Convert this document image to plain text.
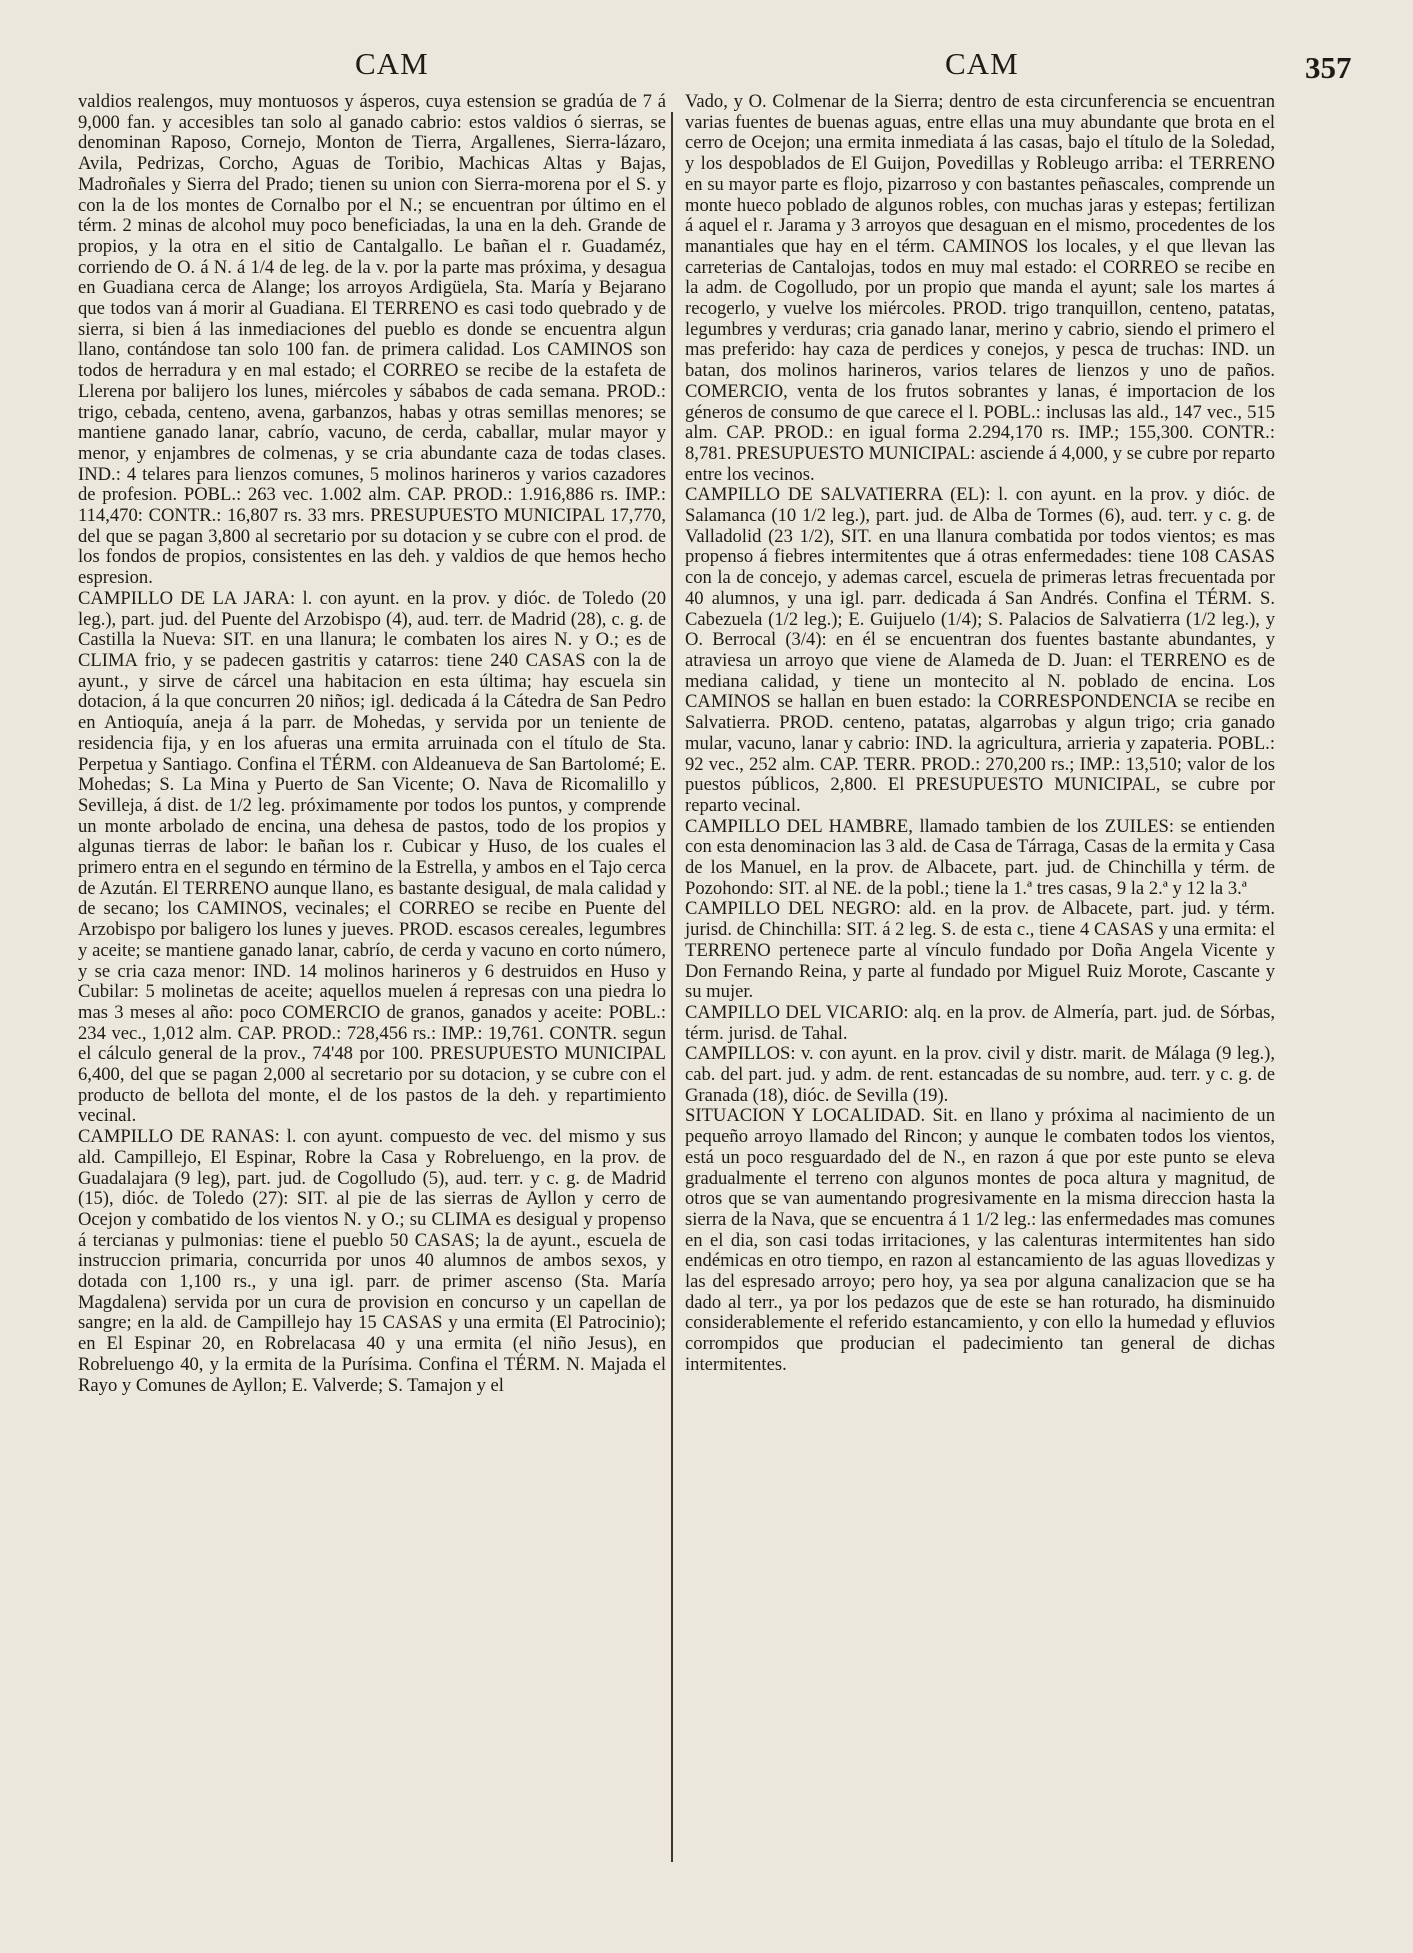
CAM	CAM	357

valdios realengos, muy montuosos y ásperos, cuya estension se gradúa de 7 á 9,000 fan. y accesibles tan solo al ganado cabrio: estos valdios ó sierras, se denominan Raposo, Cornejo, Monton de Tierra, Argallenes, Sierra-lázaro, Avila, Pedrizas, Corcho, Aguas de Toribio, Machicas Altas y Bajas, Madroñales y Sierra del Prado; tienen su union con Sierra-morena por el S. y con la de los montes de Cornalbo por el N.; se encuentran por último en el térm. 2 minas de alcohol muy poco beneficiadas, la una en la deh. Grande de propios, y la otra en el sitio de Cantalgallo. Le bañan el r. Guadaméz, corriendo de O. á N. á 1/4 de leg. de la v. por la parte mas próxima, y desagua en Guadiana cerca de Alange; los arroyos Ardigüela, Sta. María y Bejarano que todos van á morir al Guadiana. El TERRENO es casi todo quebrado y de sierra, si bien á las inmediaciones del pueblo es donde se encuentra algun llano, contándose tan solo 100 fan. de primera calidad. Los CAMINOS son todos de herradura y en mal estado; el CORREO se recibe de la estafeta de Llerena por balijero los lunes, miércoles y sábabos de cada semana. PROD.: trigo, cebada, centeno, avena, garbanzos, habas y otras semillas menores; se mantiene ganado lanar, cabrío, vacuno, de cerda, caballar, mular mayor y menor, y enjambres de colmenas, y se cria abundante caza de todas clases. IND.: 4 telares para lienzos comunes, 5 molinos harineros y varios cazadores de profesion. POBL.: 263 vec. 1.002 alm. CAP. PROD.: 1.916,886 rs. IMP.: 114,470: CONTR.: 16,807 rs. 33 mrs. PRESUPUESTO MUNICIPAL 17,770, del que se pagan 3,800 al secretario por su dotacion y se cubre con el prod. de los fondos de propios, consistentes en las deh. y valdios de que hemos hecho espresion.

CAMPILLO DE LA JARA: l. con ayunt. en la prov. y dióc. de Toledo (20 leg.), part. jud. del Puente del Arzobispo (4), aud. terr. de Madrid (28), c. g. de Castilla la Nueva: SIT. en una llanura; le combaten los aires N. y O.; es de CLIMA frio, y se padecen gastritis y catarros: tiene 240 CASAS con la de ayunt., y sirve de cárcel una habitacion en esta última; hay escuela sin dotacion, á la que concurren 20 niños; igl. dedicada á la Cátedra de San Pedro en Antioquía, aneja á la parr. de Mohedas, y servida por un teniente de residencia fija, y en los afueras una ermita arruinada con el título de Sta. Perpetua y Santiago. Confina el TÉRM. con Aldeanueva de San Bartolomé; E. Mohedas; S. La Mina y Puerto de San Vicente; O. Nava de Ricomalillo y Sevilleja, á dist. de 1/2 leg. próximamente por todos los puntos, y comprende un monte arbolado de encina, una dehesa de pastos, todo de los propios y algunas tierras de labor: le bañan los r. Cubicar y Huso, de los cuales el primero entra en el segundo en término de la Estrella, y ambos en el Tajo cerca de Azután. El TERRENO aunque llano, es bastante desigual, de mala calidad y de secano; los CAMINOS, vecinales; el CORREO se recibe en Puente del Arzobispo por baligero los lunes y jueves. PROD. escasos cereales, legumbres y aceite; se mantiene ganado lanar, cabrío, de cerda y vacuno en corto número, y se cria caza menor: IND. 14 molinos harineros y 6 destruidos en Huso y Cubilar: 5 molinetas de aceite; aquellos muelen á represas con una piedra lo mas 3 meses al año: poco COMERCIO de granos, ganados y aceite: POBL.: 234 vec., 1,012 alm. CAP. PROD.: 728,456 rs.: IMP.: 19,761. CONTR. segun el cálculo general de la prov., 74'48 por 100. PRESUPUESTO MUNICIPAL 6,400, del que se pagan 2,000 al secretario por su dotacion, y se cubre con el producto de bellota del monte, el de los pastos de la deh. y repartimiento vecinal.

CAMPILLO DE RANAS: l. con ayunt. compuesto de vec. del mismo y sus ald. Campillejo, El Espinar, Robre la Casa y Robreluengo, en la prov. de Guadalajara (9 leg), part. jud. de Cogolludo (5), aud. terr. y c. g. de Madrid (15), dióc. de Toledo (27): SIT. al pie de las sierras de Ayllon y cerro de Ocejon y combatido de los vientos N. y O.; su CLIMA es desigual y propenso á tercianas y pulmonias: tiene el pueblo 50 CASAS; la de ayunt., escuela de instruccion primaria, concurrida por unos 40 alumnos de ambos sexos, y dotada con 1,100 rs., y una igl. parr. de primer ascenso (Sta. María Magdalena) servida por un cura de provision en concurso y un capellan de sangre; en la ald. de Campillejo hay 15 CASAS y una ermita (El Patrocinio); en El Espinar 20, en Robrelacasa 40 y una ermita (el niño Jesus), en Robreluengo 40, y la ermita de la Purísima. Confina el TÉRM. N. Majada el Rayo y Comunes de Ayllon; E. Valverde; S. Tamajon y el

Vado, y O. Colmenar de la Sierra; dentro de esta circunferencia se encuentran varias fuentes de buenas aguas, entre ellas una muy abundante que brota en el cerro de Ocejon; una ermita inmediata á las casas, bajo el título de la Soledad, y los despoblados de El Guijon, Povedillas y Robleugo arriba: el TERRENO en su mayor parte es flojo, pizarroso y con bastantes peñascales, comprende un monte hueco poblado de algunos robles, con muchas jaras y estepas; fertilizan á aquel el r. Jarama y 3 arroyos que desaguan en el mismo, procedentes de los manantiales que hay en el térm. CAMINOS los locales, y el que llevan las carreterias de Cantalojas, todos en muy mal estado: el CORREO se recibe en la adm. de Cogolludo, por un propio que manda el ayunt; sale los martes á recogerlo, y vuelve los miércoles. PROD. trigo tranquillon, centeno, patatas, legumbres y verduras; cria ganado lanar, merino y cabrio, siendo el primero el mas preferido: hay caza de perdices y conejos, y pesca de truchas: IND. un batan, dos molinos harineros, varios telares de lienzos y uno de paños. COMERCIO, venta de los frutos sobrantes y lanas, é importacion de los géneros de consumo de que carece el l. POBL.: inclusas las ald., 147 vec., 515 alm. CAP. PROD.: en igual forma 2.294,170 rs. IMP.; 155,300. CONTR.: 8,781. PRESUPUESTO MUNICIPAL: asciende á 4,000, y se cubre por reparto entre los vecinos.

CAMPILLO DE SALVATIERRA (EL): l. con ayunt. en la prov. y dióc. de Salamanca (10 1/2 leg.), part. jud. de Alba de Tormes (6), aud. terr. y c. g. de Valladolid (23 1/2), SIT. en una llanura combatida por todos vientos; es mas propenso á fiebres intermitentes que á otras enfermedades: tiene 108 CASAS con la de concejo, y ademas carcel, escuela de primeras letras frecuentada por 40 alumnos, y una igl. parr. dedicada á San Andrés. Confina el TÉRM. S. Cabezuela (1/2 leg.); E. Guijuelo (1/4); S. Palacios de Salvatierra (1/2 leg.), y O. Berrocal (3/4): en él se encuentran dos fuentes bastante abundantes, y atraviesa un arroyo que viene de Alameda de D. Juan: el TERRENO es de mediana calidad, y tiene un montecito al N. poblado de encina. Los CAMINOS se hallan en buen estado: la CORRESPONDENCIA se recibe en Salvatierra. PROD. centeno, patatas, algarrobas y algun trigo; cria ganado mular, vacuno, lanar y cabrio: IND. la agricultura, arrieria y zapateria. POBL.: 92 vec., 252 alm. CAP. TERR. PROD.: 270,200 rs.; IMP.: 13,510; valor de los puestos públicos, 2,800. El PRESUPUESTO MUNICIPAL, se cubre por reparto vecinal.

CAMPILLO DEL HAMBRE, llamado tambien de los ZUILES: se entienden con esta denominacion las 3 ald. de Casa de Tárraga, Casas de la ermita y Casa de los Manuel, en la prov. de Albacete, part. jud. de Chinchilla y térm. de Pozohondo: SIT. al NE. de la pobl.; tiene la 1.ª tres casas, 9 la 2.ª y 12 la 3.ª

CAMPILLO DEL NEGRO: ald. en la prov. de Albacete, part. jud. y térm. jurisd. de Chinchilla: SIT. á 2 leg. S. de esta c., tiene 4 CASAS y una ermita: el TERRENO pertenece parte al vínculo fundado por Doña Angela Vicente y Don Fernando Reina, y parte al fundado por Miguel Ruiz Morote, Cascante y su mujer.

CAMPILLO DEL VICARIO: alq. en la prov. de Almería, part. jud. de Sórbas, térm. jurisd. de Tahal.

CAMPILLOS: v. con ayunt. en la prov. civil y distr. marit. de Málaga (9 leg.), cab. del part. jud. y adm. de rent. estancadas de su nombre, aud. terr. y c. g. de Granada (18), dióc. de Sevilla (19).

SITUACION Y LOCALIDAD. Sit. en llano y próxima al nacimiento de un pequeño arroyo llamado del Rincon; y aunque le combaten todos los vientos, está un poco resguardado del de N., en razon á que por este punto se eleva gradualmente el terreno con algunos montes de poca altura y magnitud, de otros que se van aumentando progresivamente en la misma direccion hasta la sierra de la Nava, que se encuentra á 1 1/2 leg.: las enfermedades mas comunes en el dia, son casi todas irritaciones, y las calenturas intermitentes han sido endémicas en otro tiempo, en razon al estancamiento de las aguas llovedizas y las del espresado arroyo; pero hoy, ya sea por alguna canalizacion que se ha dado al terr., ya por los pedazos que de este se han roturado, ha disminuido considerablemente el referido estancamiento, y con ello la humedad y efluvios corrompidos que producian el padecimiento tan general de dichas intermitentes.
